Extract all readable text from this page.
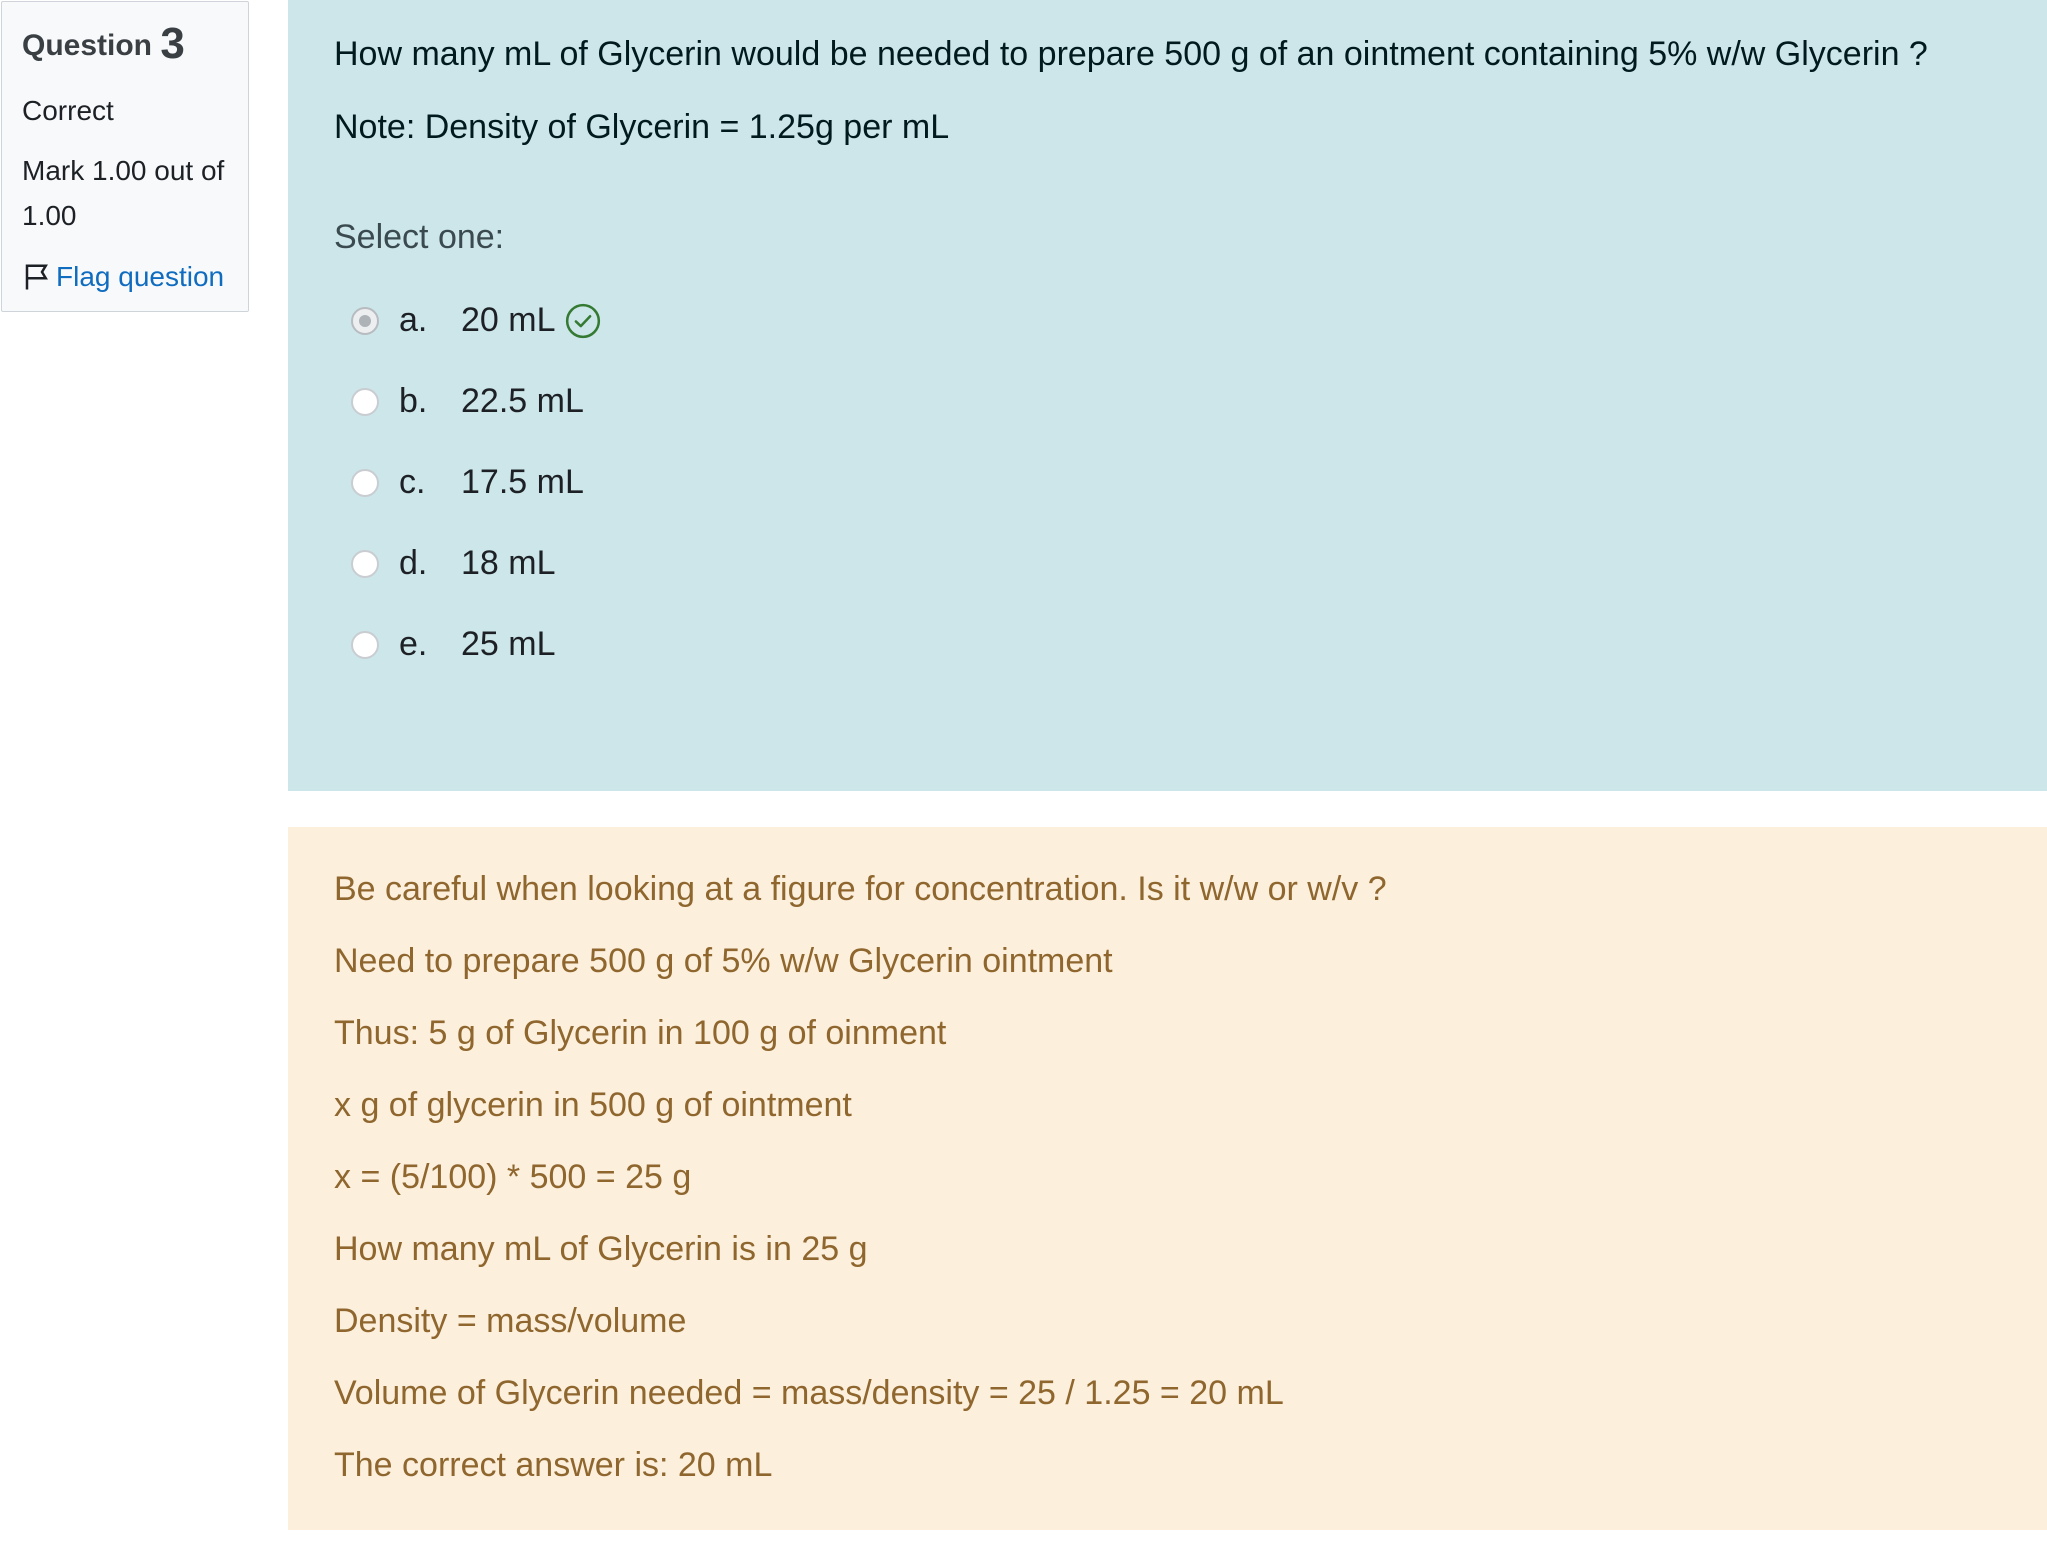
Question 3
Correct
Mark 1.00 out of 1.00
Flag question

How many mL of Glycerin would be needed to prepare 500 g of an ointment containing 5% w/w Glycerin ?

Note: Density of Glycerin = 1.25g per mL

Select one:
a. 20 mL
b. 22.5 mL
c.	17.5 mL
d. 18 mL
e. 25 mL

Be careful when looking at a figure for concentration. Is it w/w or w/v ?

Need to prepare 500 g of 5% w/w Glycerin ointment

Thus: 5 g of Glycerin in 100 g of oinment

x g of glycerin in 500 g of ointment

x = (5/100) * 500 = 25 g

How many mL of Glycerin is in 25 g

Density = mass/volume

Volume of Glycerin needed = mass/density = 25 / 1.25 = 20 mL

The correct answer is: 20 mL
